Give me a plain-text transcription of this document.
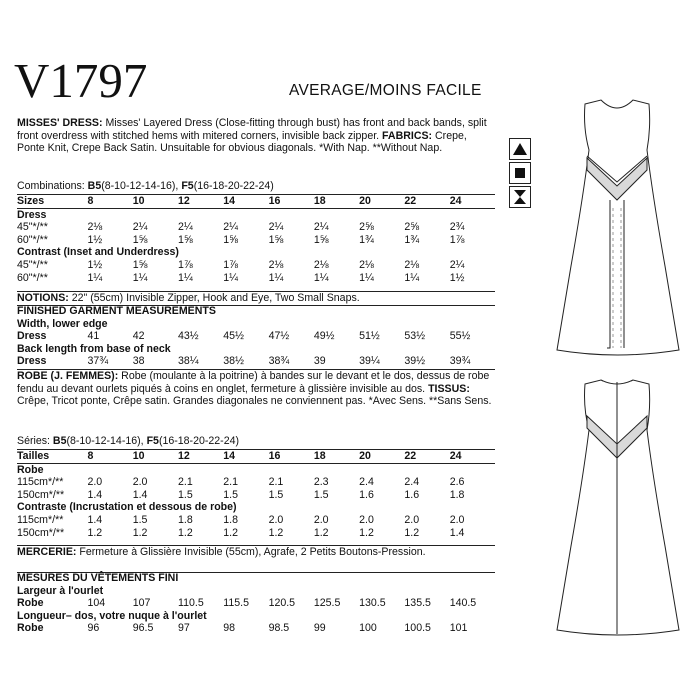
V1797	AVERAGE/MOINS FACILE
MISSES' DRESS: Misses' Layered Dress (Close-fitting through bust) has front and back bands, split front overdress with stitched hems with mitered corners, invisible back zipper. FABRICS: Crepe, Ponte Knit, Crepe Back Satin. Unsuitable for obvious diagonals. *With Nap. **Without Nap.
Combinations: B5(8-10-12-14-16), F5(16-18-20-22-24)
Sizes	8	10	12	14	16	18	20	22	24
Dress									
45"*/**	2⅛	2¼	2¼	2¼	2¼	2¼	2⅝	2⅝	2¾
60"*/**	1½	1⅝	1⅝	1⅝	1⅝	1⅝	1¾	1¾	1⅞
Contrast (Inset and Underdress)									
45"*/**	1½	1⅝	1⅞	1⅞	2⅛	2⅛	2⅛	2⅛	2¼
60"*/**	1¼	1¼	1¼	1¼	1¼	1¼	1¼	1¼	1½
NOTIONS: 22" (55cm) Invisible Zipper, Hook and Eye, Two Small Snaps.
FINISHED GARMENT MEASUREMENTS									
Width, lower edge									
Dress	41	42	43½	45½	47½	49½	51½	53½	55½
Back length from base of neck									
Dress	37¾	38	38¼	38½	38¾	39	39¼	39½	39¾
ROBE (J. FEMMES): Robe (moulante à la poitrine) à bandes sur le devant et le dos, dessus de robe fendu au devant ourlets piqués à coins en onglet, fermeture à glissière invisible au dos. TISSUS: Crêpe, Tricot ponte, Crêpe satin. Grandes diagonales ne conviennent pas. *Avec Sens. **Sans Sens.
Séries: B5(8-10-12-14-16), F5(16-18-20-22-24)
Tailles	8	10	12	14	16	18	20	22	24
Robe									
115cm*/**	2.0	2.0	2.1	2.1	2.1	2.3	2.4	2.4	2.6
150cm*/**	1.4	1.4	1.5	1.5	1.5	1.5	1.6	1.6	1.8
Contraste (Incrustation et dessous de robe)									
115cm*/**	1.4	1.5	1.8	1.8	2.0	2.0	2.0	2.0	2.0
150cm*/**	1.2	1.2	1.2	1.2	1.2	1.2	1.2	1.2	1.4
MERCERIE: Fermeture à Glissière Invisible (55cm), Agrafe, 2 Petits Boutons-Pression.
MESURES DU VÊTEMENTS FINI									
Largeur à l'ourlet									
Robe	104	107	110.5	115.5	120.5	125.5	130.5	135.5	140.5
Longueur– dos, votre nuque à l'ourlet									
Robe	96	96.5	97	98	98.5	99	100	100.5	101
